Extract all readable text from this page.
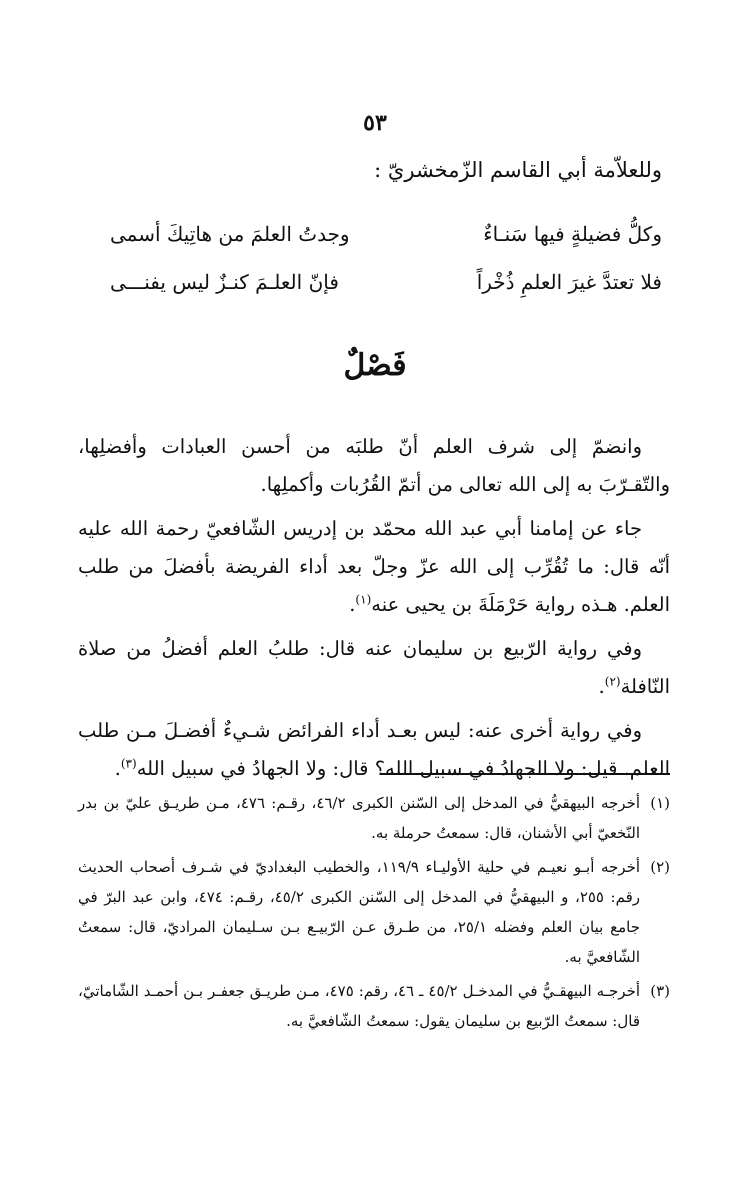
٥٣
وللعلاّمة أبي القاسم الزّمخشريّ :
وجدتُ العلمَ من هاتِيكَ أسمى	وكلُّ فضيلةٍ فيها سَنـاءٌ
فإنّ العلـمَ كنـزٌ ليس يفنـــى	فلا تعتدَّ غيرَ العلمِ ذُخْراً
فَصْلٌ

وانضمّ إلى شرف العلم أنّ طلبَه من أحسن العبادات وأفضلِها، والتّقـرّبَ به إلى الله تعالى من أتمّ القُرُبات وأكملِها.

جاء عن إمامنا أبي عبد الله محمّد بن إدريس الشّافعيّ رحمة الله عليه أنّه قال: ما تُقُرِّب إلى الله عزّ وجلّ بعد أداء الفريضة بأفضلَ من طلب العلم. هـذه رواية حَرْمَلَةَ بن يحيى عنه$^{(١)}$.

وفي رواية الرّبيع بن سليمان عنه قال: طلبُ العلم أفضلُ من صلاة النّافلة$^{(٢)}$.

وفي رواية أخرى عنه: ليس بعـد أداء الفرائض شـيءٌ أفضـلَ مـن طلب العلم. قيل: ولا الجهادُ في سبيل الله؟ قال: ولا الجهادُ في سبيل الله$^{(٣)}$.

(١)
أخرجه البيهقيُّ في المدخل إلى السّنن الكبرى ٤٦/٢، رقـم: ٤٧٦، مـن طريـق عليّ بن بدر النّخعيّ أبي الأشنان، قال: سمعتُ حرملة به.
(٢)
أخرجه أبـو نعيـم في حلية الأوليـاء ١١٩/٩، والخطيب البغداديّ في شـرف أصحاب الحديث رقم: ٢٥٥، و البيهقيُّ في المدخل إلى السّنن الكبرى ٤٥/٢، رقـم: ٤٧٤، وابن عبد البرّ في جامع بيان العلم وفضله ٢٥/١، من طـرق عـن الرّبيـع بـن سـليمان المراديّ، قال: سمعتُ الشّافعيَّ به.
(٣)
أخرجـه البيهقـيُّ في المدخـل ٤٥/٢ ـ ٤٦، رقم: ٤٧٥، مـن طريـق جعفـر بـن أحمـد الشّاماتيّ، قال: سمعتُ الرّبيع بن سليمان يقول: سمعتُ الشّافعيَّ به.
